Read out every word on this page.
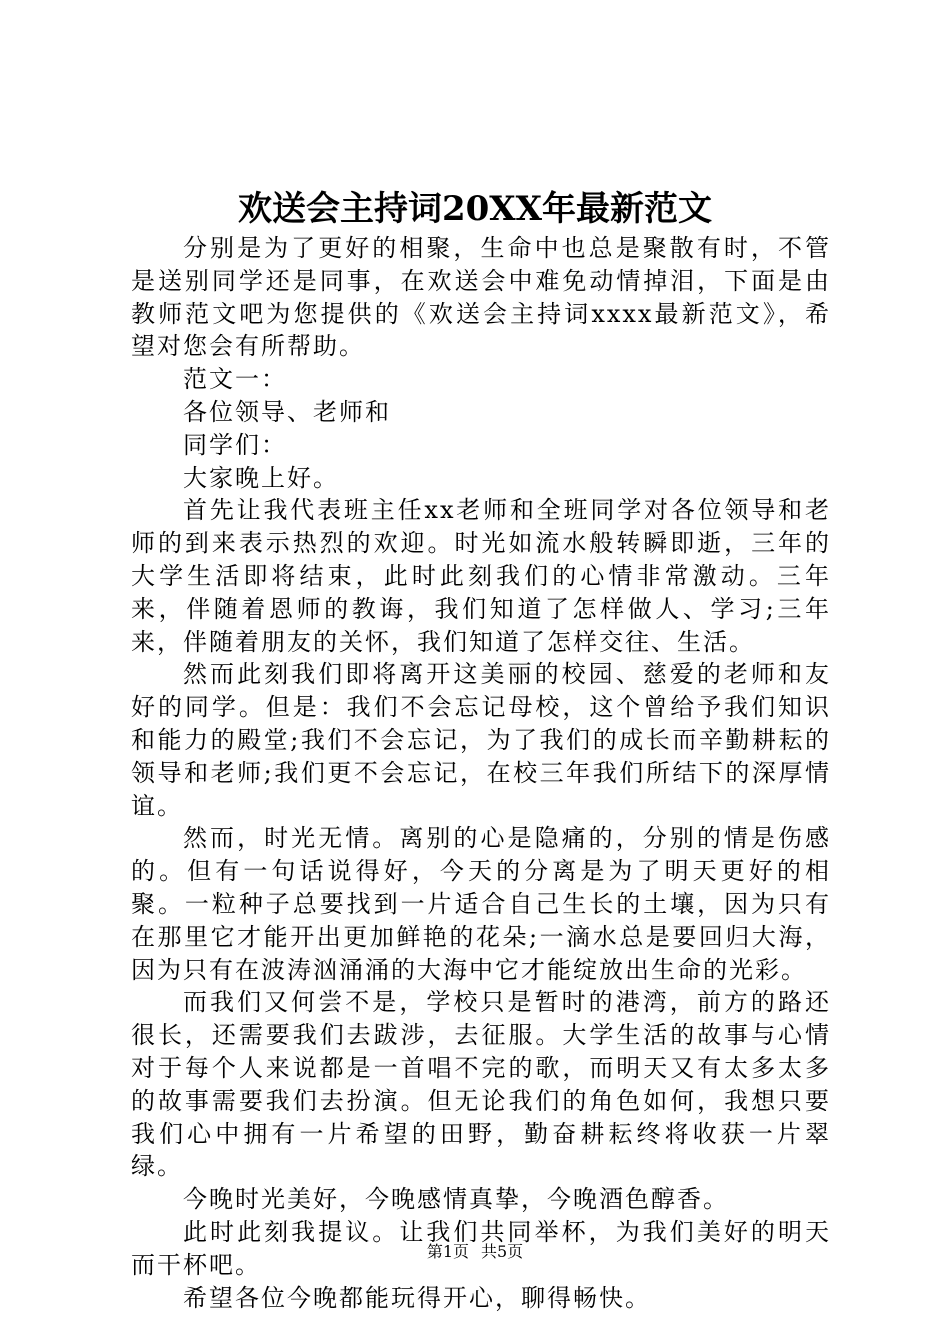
欢送会主持词20XX年最新范文

分别是为了更好的相聚，生命中也总是聚散有时，不管是送别同学还是同事，在欢送会中难免动情掉泪，下面是由教师范文吧为您提供的《欢送会主持词xxxx最新范文》，希望对您会有所帮助。

范文一：

各位领导、老师和

同学们：

大家晚上好。

首先让我代表班主任xx老师和全班同学对各位领导和老师的到来表示热烈的欢迎。时光如流水般转瞬即逝，三年的大学生活即将结束，此时此刻我们的心情非常激动。三年来，伴随着恩师的教诲，我们知道了怎样做人、学习;三年来，伴随着朋友的关怀，我们知道了怎样交往、生活。

然而此刻我们即将离开这美丽的校园、慈爱的老师和友好的同学。但是：我们不会忘记母校，这个曾给予我们知识和能力的殿堂;我们不会忘记，为了我们的成长而辛勤耕耘的领导和老师;我们更不会忘记，在校三年我们所结下的深厚情谊。

然而，时光无情。离别的心是隐痛的，分别的情是伤感的。但有一句话说得好，今天的分离是为了明天更好的相聚。一粒种子总要找到一片适合自己生长的土壤，因为只有在那里它才能开出更加鲜艳的花朵;一滴水总是要回归大海，因为只有在波涛汹涌涌的大海中它才能绽放出生命的光彩。

而我们又何尝不是，学校只是暂时的港湾，前方的路还很长，还需要我们去跋涉，去征服。大学生活的故事与心情对于每个人来说都是一首唱不完的歌，而明天又有太多太多的故事需要我们去扮演。但无论我们的角色如何，我想只要我们心中拥有一片希望的田野，勤奋耕耘终将收获一片翠绿。

今晚时光美好，今晚感情真挚，今晚酒色醇香。

此时此刻我提议。让我们共同举杯，为我们美好的明天而干杯吧。

希望各位今晚都能玩得开心，聊得畅快。

第1页 共5页
